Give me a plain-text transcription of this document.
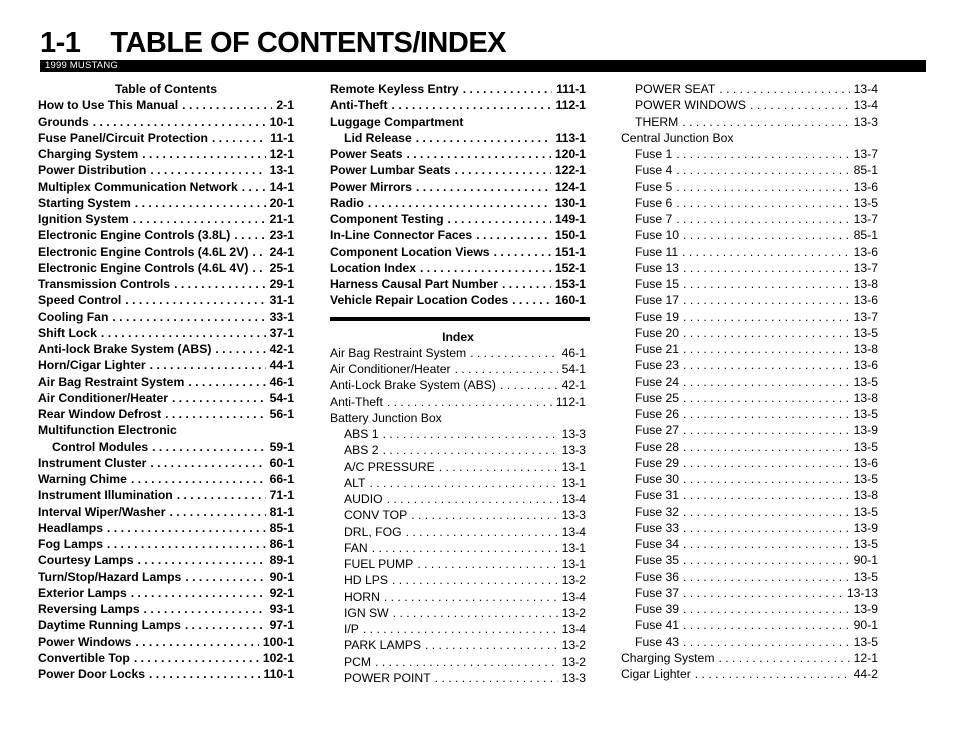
1-1 TABLE OF CONTENTS/INDEX
1999 MUSTANG
Table of Contents
How to Use This Manual . . .	2-1
Grounds . . .	10-1
Fuse Panel/Circuit Protection . . .	11-1
Charging System . . .	12-1
Power Distribution . . .	13-1
Multiplex Communication Network . . .	14-1
Starting System . . .	20-1
Ignition System . . .	21-1
Electronic Engine Controls (3.8L) . . .	23-1
Electronic Engine Controls (4.6L 2V) . . . 24-1
Electronic Engine Controls (4.6L 4V) . . . 25-1
Transmission Controls . . .	29-1
Speed Control . . .	31-1
Cooling Fan . . .	33-1
Shift Lock . . .	37-1
Anti-lock Brake System (ABS) . . .	42-1
Horn/Cigar Lighter . . .	44-1
Air Bag Restraint System . . .	46-1
Air Conditioner/Heater . . .	54-1
Rear Window Defrost . . .	56-1
Multifunction Electronic
Control Modules . . .	59-1
Instrument Cluster . . .	60-1
Warning Chime . . .	66-1
Instrument Illumination . . .	71-1
Interval Wiper/Washer . . .	81-1
Headlamps . . .	85-1
Fog Lamps . . .	86-1
Courtesy Lamps . . .	89-1
Turn/Stop/Hazard Lamps . . .	90-1
Exterior Lamps . . .	92-1
Reversing Lamps . . .	93-1
Daytime Running Lamps . . .	97-1
Power Windows . . .	100-1
Convertible Top . . .	102-1
Power Door Locks . . .	110-1
Remote Keyless Entry . . .	111-1
Anti-Theft . . .	112-1
Luggage Compartment
Lid Release . . .	113-1
Power Seats . . .	120-1
Power Lumbar Seats . . .	122-1
Power Mirrors . . .	124-1
Radio . . .	130-1
Component Testing . . .	149-1
In-Line Connector Faces . . .	150-1
Component Location Views . . .	151-1
Location Index . . .	152-1
Harness Causal Part Number . . .	153-1
Vehicle Repair Location Codes . . .	160-1
Index
Air Bag Restraint System . . .	46-1
Air Conditioner/Heater . . .	54-1
Anti-Lock Brake System (ABS) . . .	42-1
Anti-Theft . . .	112-1
Battery Junction Box
ABS 1 . . .	13-3
ABS 2 . . .	13-3
A/C PRESSURE . . .	13-1
ALT . . .	13-1
AUDIO . . .	13-4
CONV TOP . . .	13-3
DRL, FOG . . .	13-4
FAN . . .	13-1
FUEL PUMP . . .	13-1
HD LPS . . .	13-2
HORN . . .	13-4
IGN SW . . .	13-2
I/P . . .	13-4
PARK LAMPS . . .	13-2
PCM . . .	13-2
POWER POINT . . .	13-3
POWER SEAT . . .	13-4
POWER WINDOWS . . .	13-4
THERM . . .	13-3
Central Junction Box
Fuse 1 . . .	13-7
Fuse 4 . . .	85-1
Fuse 5 . . .	13-6
Fuse 6 . . .	13-5
Fuse 7 . . .	13-7
Fuse 10 . . .	85-1
Fuse 11 . . .	13-6
Fuse 13 . . .	13-7
Fuse 15 . . .	13-8
Fuse 17 . . .	13-6
Fuse 19 . . .	13-7
Fuse 20 . . .	13-5
Fuse 21 . . .	13-8
Fuse 23 . . .	13-6
Fuse 24 . . .	13-5
Fuse 25 . . .	13-8
Fuse 26 . . .	13-5
Fuse 27 . . .	13-9
Fuse 28 . . .	13-5
Fuse 29 . . .	13-6
Fuse 30 . . .	13-5
Fuse 31 . . .	13-8
Fuse 32 . . .	13-5
Fuse 33 . . .	13-9
Fuse 34 . . .	13-5
Fuse 35 . . .	90-1
Fuse 36 . . .	13-5
Fuse 37 . . .	13-13
Fuse 39 . . .	13-9
Fuse 41 . . .	90-1
Fuse 43 . . .	13-5
Charging System . . .	12-1
Cigar Lighter . . .	44-2
